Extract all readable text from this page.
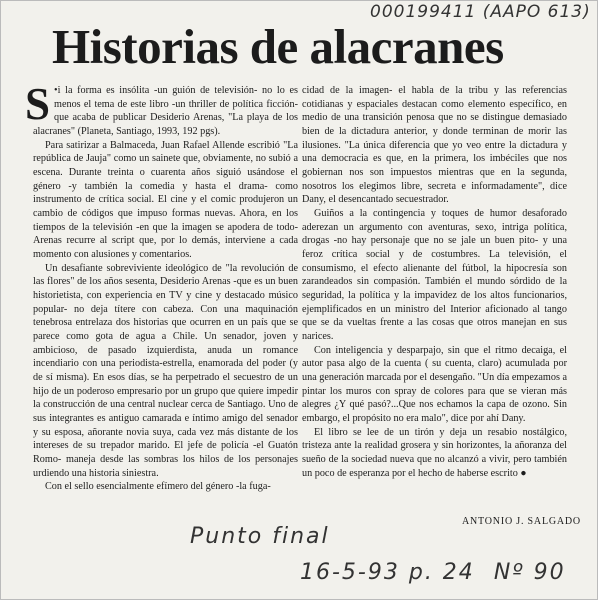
000199411 (AAPO 613)
Historias de alacranes

•
S i la forma es insólita -un guión de televisión- no lo es menos el tema de este libro -un thriller de política ficción- que acaba de publicar Desiderio Arenas, "La playa de los alacranes" (Planeta, Santiago, 1993, 192 pgs).

Para satirizar a Balmaceda, Juan Rafael Allende escribió "La república de Jauja" como un sainete que, obviamente, no subió a escena. Durante treinta o cuarenta años siguió usándose el género -y también la comedia y hasta el drama- como instrumento de crítica social. El cine y el comic produjeron un cambio de códigos que impuso formas nuevas. Ahora, en los tiempos de la televisión -en que la imagen se apodera de todo- Arenas recurre al script que, por lo demás, interviene a cada momento con alusiones y comentarios.

Un desafiante sobreviviente ideológico de "la revolución de las flores" de los años sesenta, Desiderio Arenas -que es un buen historietista, con experiencia en TV y cine y destacado músico popular- no deja títere con cabeza. Con una maquinación tenebrosa entrelaza dos historias que ocurren en un país que se parece como gota de agua a Chile. Un senador, joven y ambicioso, de pasado izquierdista, anuda un romance incendiario con una periodista-estrella, enamorada del poder (y de sí misma). En esos días, se ha perpetrado el secuestro de un hijo de un poderoso empresario por un grupo que quiere impedir la construcción de una central nuclear cerca de Santiago. Uno de sus integrantes es antiguo camarada e íntimo amigo del senador y su esposa, añorante novia suya, cada vez más distante de los intereses de su trepador marido. El jefe de policía -el Guatón Romo- maneja desde las sombras los hilos de los personajes urdiendo una historia siniestra.

Con el sello esencialmente efímero del género -la fuga-

cidad de la imagen- el habla de la tribu y las referencias cotidianas y espaciales destacan como elemento específico, en medio de una transición penosa que no se distingue demasiado bien de la dictadura anterior, y donde terminan de morir las ilusiones. "La única diferencia que yo veo entre la dictadura y una democracia es que, en la primera, los imbéciles que nos gobiernan nos son impuestos mientras que en la segunda, nosotros los elegimos libre, secreta e informadamente", dice Dany, el desencantado secuestrador.

Guiños a la contingencia y toques de humor desaforado aderezan un argumento con aventuras, sexo, intriga política, drogas -no hay personaje que no se jale un buen pito- y una feroz crítica social y de costumbres. La televisión, el consumismo, el efecto alienante del fútbol, la hipocresía son zarandeados sin compasión. También el mundo sórdido de la seguridad, la política y la impavidez de los altos funcionarios, ejemplificados en un ministro del Interior aficionado al tango que se da vueltas frente a las cosas que otros manejan en sus narices.

Con inteligencia y desparpajo, sin que el ritmo decaiga, el autor pasa algo de la cuenta ( su cuenta, claro) acumulada por una generación marcada por el desengaño. "Un día empezamos a pintar los muros con spray de colores para que se vieran más alegres ¿Y qué pasó?...Que nos echamos la capa de ozono. Sin embargo, el propósito no era malo", dice por ahí Dany.

El libro se lee de un tirón y deja un resabio nostálgico, tristeza ante la realidad grosera y sin horizontes, la añoranza del sueño de la sociedad nueva que no alcanzó a vivir, pero también un poco de esperanza por el hecho de haberse escrito ●

ANTONIO J. SALGADO
Punto final
16-5-93 p. 24 Nº 90
